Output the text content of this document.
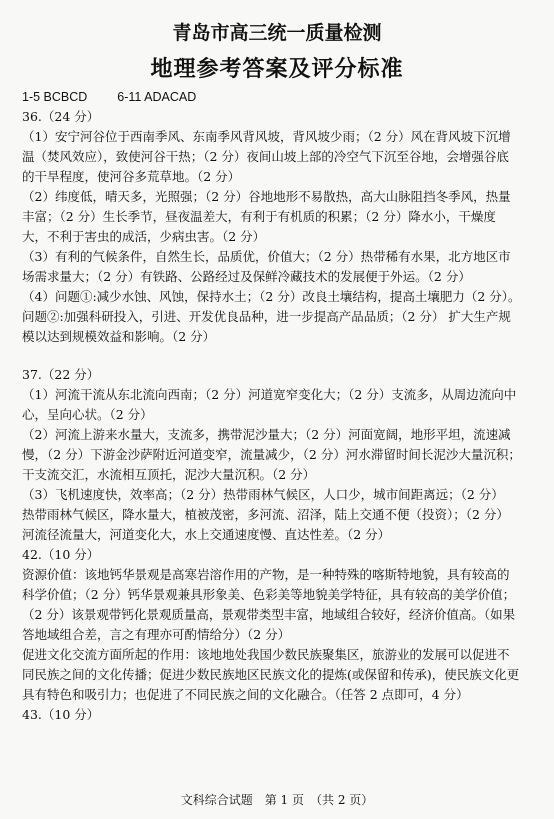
青岛市高三统一质量检测
地理参考答案及评分标准
1-5 BCBCD 6-11 ADACAD
36.（24 分）
（1）安宁河谷位于西南季风、东南季风背风坡，背风坡少雨；（2 分）风在背风坡下沉增
温（焚风效应），致使河谷干热；（2 分）夜间山坡上部的冷空气下沉至谷地，会增强谷底
的干旱程度，使河谷多荒草地。（2 分）
（2）纬度低，晴天多，光照强；（2 分）谷地地形不易散热，高大山脉阻挡冬季风，热量
丰富；（2 分）生长季节，昼夜温差大，有利于有机质的积累；（2 分）降水小，干燥度
大，不利于害虫的成活，少病虫害。（2 分）
（3）有利的气候条件，自然生长，品质优，价值大；（2 分）热带稀有水果，北方地区市
场需求量大；（2 分）有铁路、公路经过及保鲜冷藏技术的发展便于外运。（2 分）
（4）问题①:减少水蚀、风蚀，保持水土；（2 分）改良土壤结构，提高土壤肥力（2 分）。
问题②:加强科研投入，引进、开发优良品种，进一步提高产品品质；（2 分） 扩大生产规
模以达到规模效益和影响。（2 分）
37.（22 分）
（1）河流干流从东北流向西南；（2 分）河道宽窄变化大；（2 分）支流多，从周边流向中
心，呈向心状。（2 分）
（2）河流上游来水量大，支流多，携带泥沙量大；（2 分）河面宽阔，地形平坦，流速减
慢，（2 分）下游金沙萨附近河道变窄，流量减少，（2 分）河水滞留时间长泥沙大量沉积；
干支流交汇，水流相互顶托，泥沙大量沉积。（2 分）
（3）飞机速度快，效率高；（2 分）热带雨林气候区，人口少，城市间距离远；（2 分）
热带雨林气候区，降水量大，植被茂密，多河流、沼泽，陆上交通不便（投资）；（2 分）
河流径流量大，河道变化大，水上交通速度慢、直达性差。（2 分）
42.（10 分）
资源价值：该地钙华景观是高寒岩溶作用的产物，是一种特殊的喀斯特地貌，具有较高的
科学价值；（2 分）钙华景观兼具形象美、色彩美等地貌美学特征，具有较高的美学价值；
（2 分）该景观带钙化景观质量高，景观带类型丰富，地域组合较好，经济价值高。（如果
答地域组合差，言之有理亦可酌情给分）（2 分）
促进文化交流方面所起的作用：该地地处我国少数民族聚集区，旅游业的发展可以促进不
同民族之间的文化传播；促进少数民族地区民族文化的提炼(或保留和传承)，使民族文化更
具有特色和吸引力；也促进了不同民族之间的文化融合。（任答 2 点即可，4 分）
43.（10 分）
文科综合试题　第 1 页　（共 2 页）
